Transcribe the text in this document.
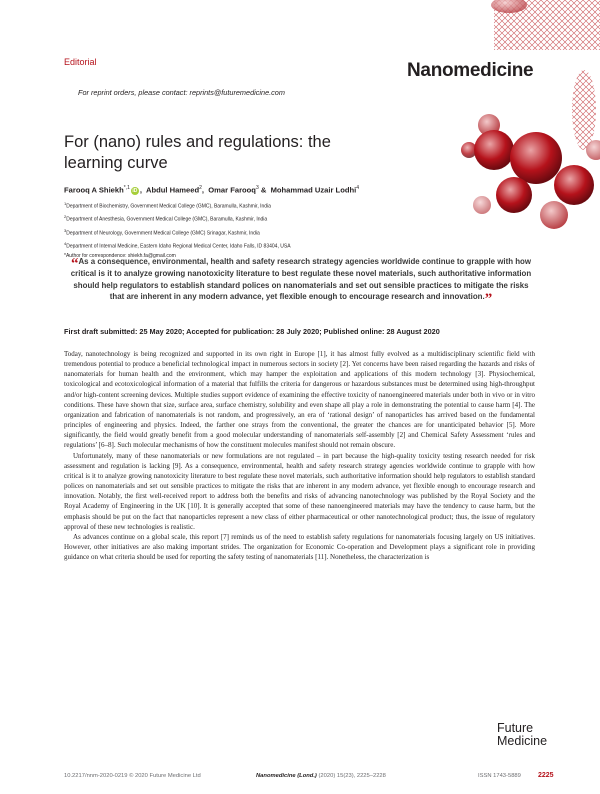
Editorial	Nanomedicine
For reprint orders, please contact: reprints@futuremedicine.com
For (nano) rules and regulations: the learning curve
Farooq A Shiekh$^{*,1}$ iD ,  Abdul Hameed$^2$,  Omar Farooq$^3$ & Mohammad Uzair Lodhi$^4$
$^1$Department of Biochemistry, Government Medical College (GMC), Baramulla, Kashmir, India
$^2$Department of Anesthesia, Government Medical College (GMC), Baramulla, Kashmir, India
$^3$Department of Neurology, Government Medical College (GMC) Srinagar, Kashmir, India
$^4$Department of Internal Medicine, Eastern Idaho Regional Medical Center, Idaho Falls, ID 83404, USA
*Author for correspondence: shiekh.fa@gmail.com
“As a consequence, environmental, health and safety research strategy agencies worldwide continue to grapple with how critical is it to analyze growing nanotoxicity literature to best regulate these novel materials, such authoritative information should help regulators to establish standard polices on nanomaterials and set out sensible practices to mitigate the risks that are inherent in any modern advance, yet flexible enough to encourage research and innovation.”
First draft submitted: 25 May 2020; Accepted for publication: 28 July 2020; Published online: 28 August 2020

Today, nanotechnology is being recognized and supported in its own right in Europe [1], it has almost fully evolved as a multidisciplinary scientific field with tremendous potential to produce a beneficial technological impact in numerous sectors in society [2]. Yet concerns have been raised regarding the hazards and risks of nanomaterials for human health and the environment, which may hamper the exploitation and applications of this modern technology [3]. Physiochemical, toxicological and ecotoxicological information of a material that fulfills the criteria for dangerous or hazardous substances must be determined using high-throughput and/or high-content screening devices. Multiple studies support evidence of examining the effective toxicity of nanoengineered materials under both in vivo or in vitro conditions. These have shown that size, surface area, surface chemistry, solubility and even shape all play a role in demonstrating the potential to cause harm [4]. The organization and fabrication of nanomaterials is not random, and progressively, an era of ‘rational design’ of nanoparticles has arrived based on the fundamental principles of engineering and physics. Indeed, the farther one strays from the conventional, the greater the chances are for unanticipated behavior [5]. More significantly, the field would greatly benefit from a good molecular understanding of nanomaterials self-assembly [2] and Chemical Safety Assessment ‘rules and regulations’ [6–8]. Such molecular mechanisms of how the constituent molecules manifest should not remain obscure.

Unfortunately, many of these nanomaterials or new formulations are not regulated – in part because the high-quality toxicity testing research needed for risk assessment and regulation is lacking [9]. As a consequence, environmental, health and safety research strategy agencies worldwide continue to grapple with how critical is it to analyze growing nanotoxicity literature to best regulate these novel materials, such authoritative information should help regulators to establish standard polices on nanomaterials and set out sensible practices to mitigate the risks that are inherent in any modern advance, yet flexible enough to encourage research and innovation. Notably, the first well-received report to address both the benefits and risks of advancing nanotechnology was published by the Royal Society and the Royal Academy of Engineering in the UK [10]. It is generally accepted that some of these nanoengineered materials may have the tendency to cause harm, but the emphasis should be put on the fact that nanoparticles represent a new class of either pharmaceutical or other nanotechnological product; thus, the issue of regulatory approval of these new technologies is realistic.

As advances continue on a global scale, this report [7] reminds us of the need to establish safety regulations for nanomaterials focusing largely on US initiatives. However, other initiatives are also making important strides. The organization for Economic Co-operation and Development plays a significant role in providing guidance on what criteria should be used for reporting the safety testing of nanomaterials [11]. Nonetheless, the characterization is

Future
Medicine
10.2217/nnm-2020-0219 © 2020 Future Medicine Ltd	Nanomedicine (Lond.) (2020) 15(23), 2225–2228	ISSN 1743-5889 2225
